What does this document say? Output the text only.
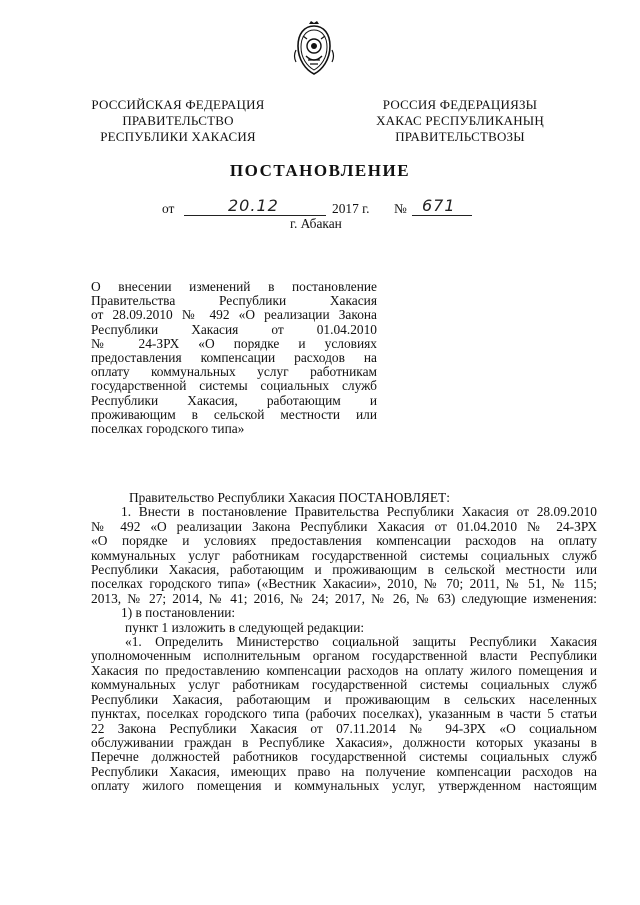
РОССИЙСКАЯ ФЕДЕРАЦИЯ
ПРАВИТЕЛЬСТВО
РЕСПУБЛИКИ ХАКАСИЯ
РОССИЯ ФЕДЕРАЦИЯЗЫ
ХАКАС РЕСПУБЛИКАНЫҢ
ПРАВИТЕЛЬСТВОЗЫ
ПОСТАНОВЛЕНИЕ
от	20.12	2017 г. № 671
г. Абакан
О внесении изменений в постановление
Правительства Республики Хакасия
от 28.09.2010 № 492 «О реализации Закона
Республики Хакасия от 01.04.2010
№ 24-ЗРХ «О порядке и условиях
предоставления компенсации расходов на
оплату коммунальных услуг работникам
государственной системы социальных служб
Республики Хакасия, работающим и
проживающим в сельской местности или
поселках городского типа»
Правительство Республики Хакасия ПОСТАНОВЛЯЕТ:
1. Внести в постановление Правительства Республики Хакасия от 28.09.2010
№ 492 «О реализации Закона Республики Хакасия от 01.04.2010 № 24-ЗРХ
«О порядке и условиях предоставления компенсации расходов на оплату
коммунальных услуг работникам государственной системы социальных служб
Республики Хакасия, работающим и проживающим в сельской местности или
поселках городского типа» («Вестник Хакасии», 2010, № 70; 2011, № 51, № 115;
2013, № 27; 2014, № 41; 2016, № 24; 2017, № 26, № 63) следующие изменения:
1) в постановлении:
пункт 1 изложить в следующей редакции:
«1. Определить Министерство социальной защиты Республики Хакасия
уполномоченным исполнительным органом государственной власти Республики
Хакасия по предоставлению компенсации расходов на оплату жилого помещения и
коммунальных услуг работникам государственной системы социальных служб
Республики Хакасия, работающим и проживающим в сельских населенных
пунктах, поселках городского типа (рабочих поселках), указанным в части 5 статьи
22 Закона Республики Хакасия от 07.11.2014 № 94-ЗРХ «О социальном
обслуживании граждан в Республике Хакасия», должности которых указаны в
Перечне должностей работников государственной системы социальных служб
Республики Хакасия, имеющих право на получение компенсации расходов на
оплату жилого помещения и коммунальных услуг, утвержденном настоящим
